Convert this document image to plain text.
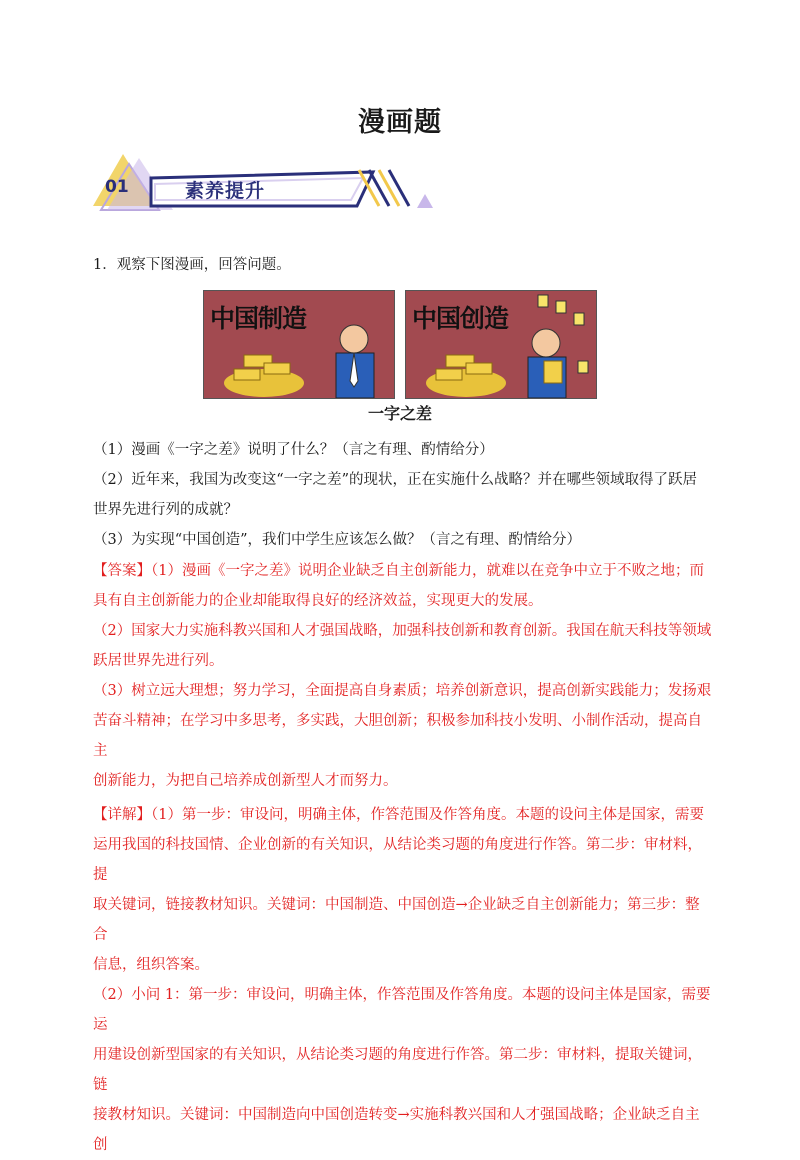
漫画题
01	素养提升

1．观察下图漫画，回答问题。

中国制造	中国创造
一字之差

（1）漫画《一字之差》说明了什么？（言之有理、酌情给分）

（2）近年来，我国为改变这“一字之差”的现状，正在实施什么战略？并在哪些领域取得了跃居

世界先进行列的成就？

（3）为实现“中国创造”，我们中学生应该怎么做？（言之有理、酌情给分）

【答案】（1）漫画《一字之差》说明企业缺乏自主创新能力，就难以在竞争中立于不败之地；而

具有自主创新能力的企业却能取得良好的经济效益，实现更大的发展。

（2）国家大力实施科教兴国和人才强国战略，加强科技创新和教育创新。我国在航天科技等领域

跃居世界先进行列。

（3）树立远大理想；努力学习，全面提高自身素质；培养创新意识，提高创新实践能力；发扬艰

苦奋斗精神；在学习中多思考，多实践，大胆创新；积极参加科技小发明、小制作活动，提高自主

创新能力，为把自己培养成创新型人才而努力。

【详解】（1）第一步：审设问，明确主体，作答范围及作答角度。本题的设问主体是国家，需要

运用我国的科技国情、企业创新的有关知识，从结论类习题的角度进行作答。第二步：审材料，提

取关键词，链接教材知识。关键词：中国制造、中国创造→企业缺乏自主创新能力；第三步：整合

信息，组织答案。

（2）小问 1：第一步：审设问，明确主体，作答范围及作答角度。本题的设问主体是国家，需要运

用建设创新型国家的有关知识，从结论类习题的角度进行作答。第二步：审材料，提取关键词，链

接教材知识。关键词：中国制造向中国创造转变→实施科教兴国和人才强国战略；企业缺乏自主创
